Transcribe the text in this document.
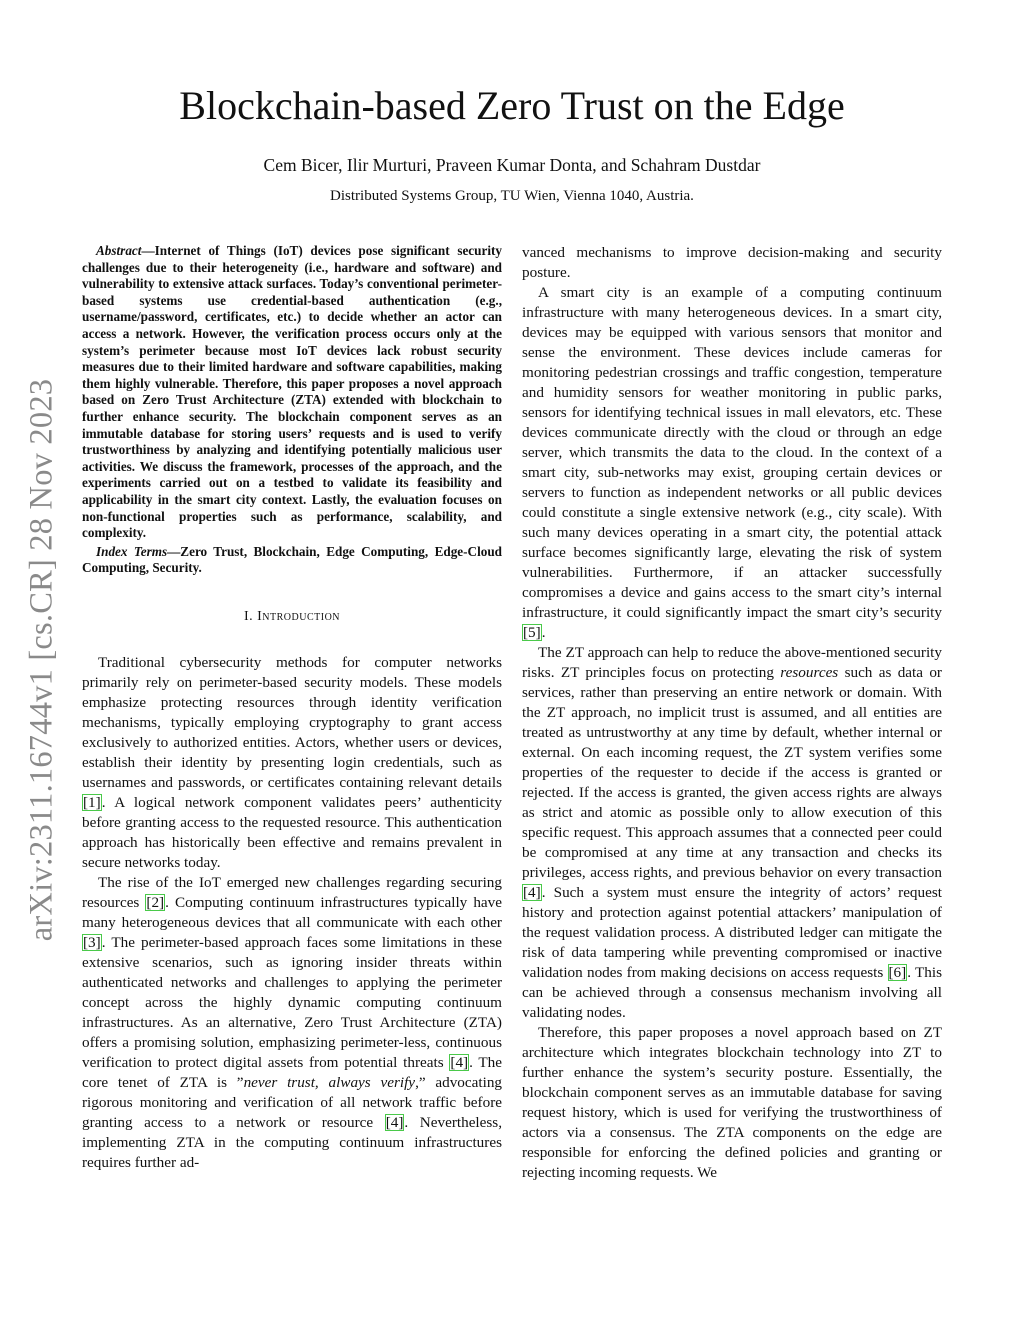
arXiv:2311.16744v1 [cs.CR] 28 Nov 2023
Blockchain-based Zero Trust on the Edge
Cem Bicer, Ilir Murturi, Praveen Kumar Donta, and Schahram Dustdar
Distributed Systems Group, TU Wien, Vienna 1040, Austria.

Abstract—Internet of Things (IoT) devices pose significant security challenges due to their heterogeneity (i.e., hardware and software) and vulnerability to extensive attack surfaces. Today’s conventional perimeter-based systems use credential-based authentication (e.g., username/password, certificates, etc.) to decide whether an actor can access a network. However, the verification process occurs only at the system’s perimeter because most IoT devices lack robust security measures due to their limited hardware and software capabilities, making them highly vulnerable. Therefore, this paper proposes a novel approach based on Zero Trust Architecture (ZTA) extended with blockchain to further enhance security. The blockchain component serves as an immutable database for storing users’ requests and is used to verify trustworthiness by analyzing and identifying potentially malicious user activities. We discuss the framework, processes of the approach, and the experiments carried out on a testbed to validate its feasibility and applicability in the smart city context. Lastly, the evaluation focuses on non-functional properties such as performance, scalability, and complexity.

Index Terms—Zero Trust, Blockchain, Edge Computing, Edge-Cloud Computing, Security.

I. Introduction

Traditional cybersecurity methods for computer networks primarily rely on perimeter-based security models. These models emphasize protecting resources through identity verification mechanisms, typically employing cryptography to grant access exclusively to authorized entities. Actors, whether users or devices, establish their identity by presenting login credentials, such as usernames and passwords, or certificates containing relevant details [1]. A logical network component validates peers’ authenticity before granting access to the requested resource. This authentication approach has historically been effective and remains prevalent in secure networks today.

The rise of the IoT emerged new challenges regarding securing resources [2]. Computing continuum infrastructures typically have many heterogeneous devices that all communicate with each other [3]. The perimeter-based approach faces some limitations in these extensive scenarios, such as ignoring insider threats within authenticated networks and challenges to applying the perimeter concept across the highly dynamic computing continuum infrastructures. As an alternative, Zero Trust Architecture (ZTA) offers a promising solution, emphasizing perimeter-less, continuous verification to protect digital assets from potential threats [4]. The core tenet of ZTA is ”never trust, always verify,” advocating rigorous monitoring and verification of all network traffic before granting access to a network or resource [4]. Nevertheless, implementing ZTA in the computing continuum infrastructures requires further ad-

vanced mechanisms to improve decision-making and security posture.

A smart city is an example of a computing continuum infrastructure with many heterogeneous devices. In a smart city, devices may be equipped with various sensors that monitor and sense the environment. These devices include cameras for monitoring pedestrian crossings and traffic congestion, temperature and humidity sensors for weather monitoring in public parks, sensors for identifying technical issues in mall elevators, etc. These devices communicate directly with the cloud or through an edge server, which transmits the data to the cloud. In the context of a smart city, sub-networks may exist, grouping certain devices or servers to function as independent networks or all public devices could constitute a single extensive network (e.g., city scale). With such many devices operating in a smart city, the potential attack surface becomes significantly large, elevating the risk of system vulnerabilities. Furthermore, if an attacker successfully compromises a device and gains access to the smart city’s internal infrastructure, it could significantly impact the smart city’s security [5].

The ZT approach can help to reduce the above-mentioned security risks. ZT principles focus on protecting resources such as data or services, rather than preserving an entire network or domain. With the ZT approach, no implicit trust is assumed, and all entities are treated as untrustworthy at any time by default, whether internal or external. On each incoming request, the ZT system verifies some properties of the requester to decide if the access is granted or rejected. If the access is granted, the given access rights are always as strict and atomic as possible only to allow execution of this specific request. This approach assumes that a connected peer could be compromised at any time at any transaction and checks its privileges, access rights, and previous behavior on every transaction [4]. Such a system must ensure the integrity of actors’ request history and protection against potential attackers’ manipulation of the request validation process. A distributed ledger can mitigate the risk of data tampering while preventing compromised or inactive validation nodes from making decisions on access requests [6]. This can be achieved through a consensus mechanism involving all validating nodes.

Therefore, this paper proposes a novel approach based on ZT architecture which integrates blockchain technology into ZT to further enhance the system’s security posture. Essentially, the blockchain component serves as an immutable database for saving request history, which is used for verifying the trustworthiness of actors via a consensus. The ZTA components on the edge are responsible for enforcing the defined policies and granting or rejecting incoming requests. We
